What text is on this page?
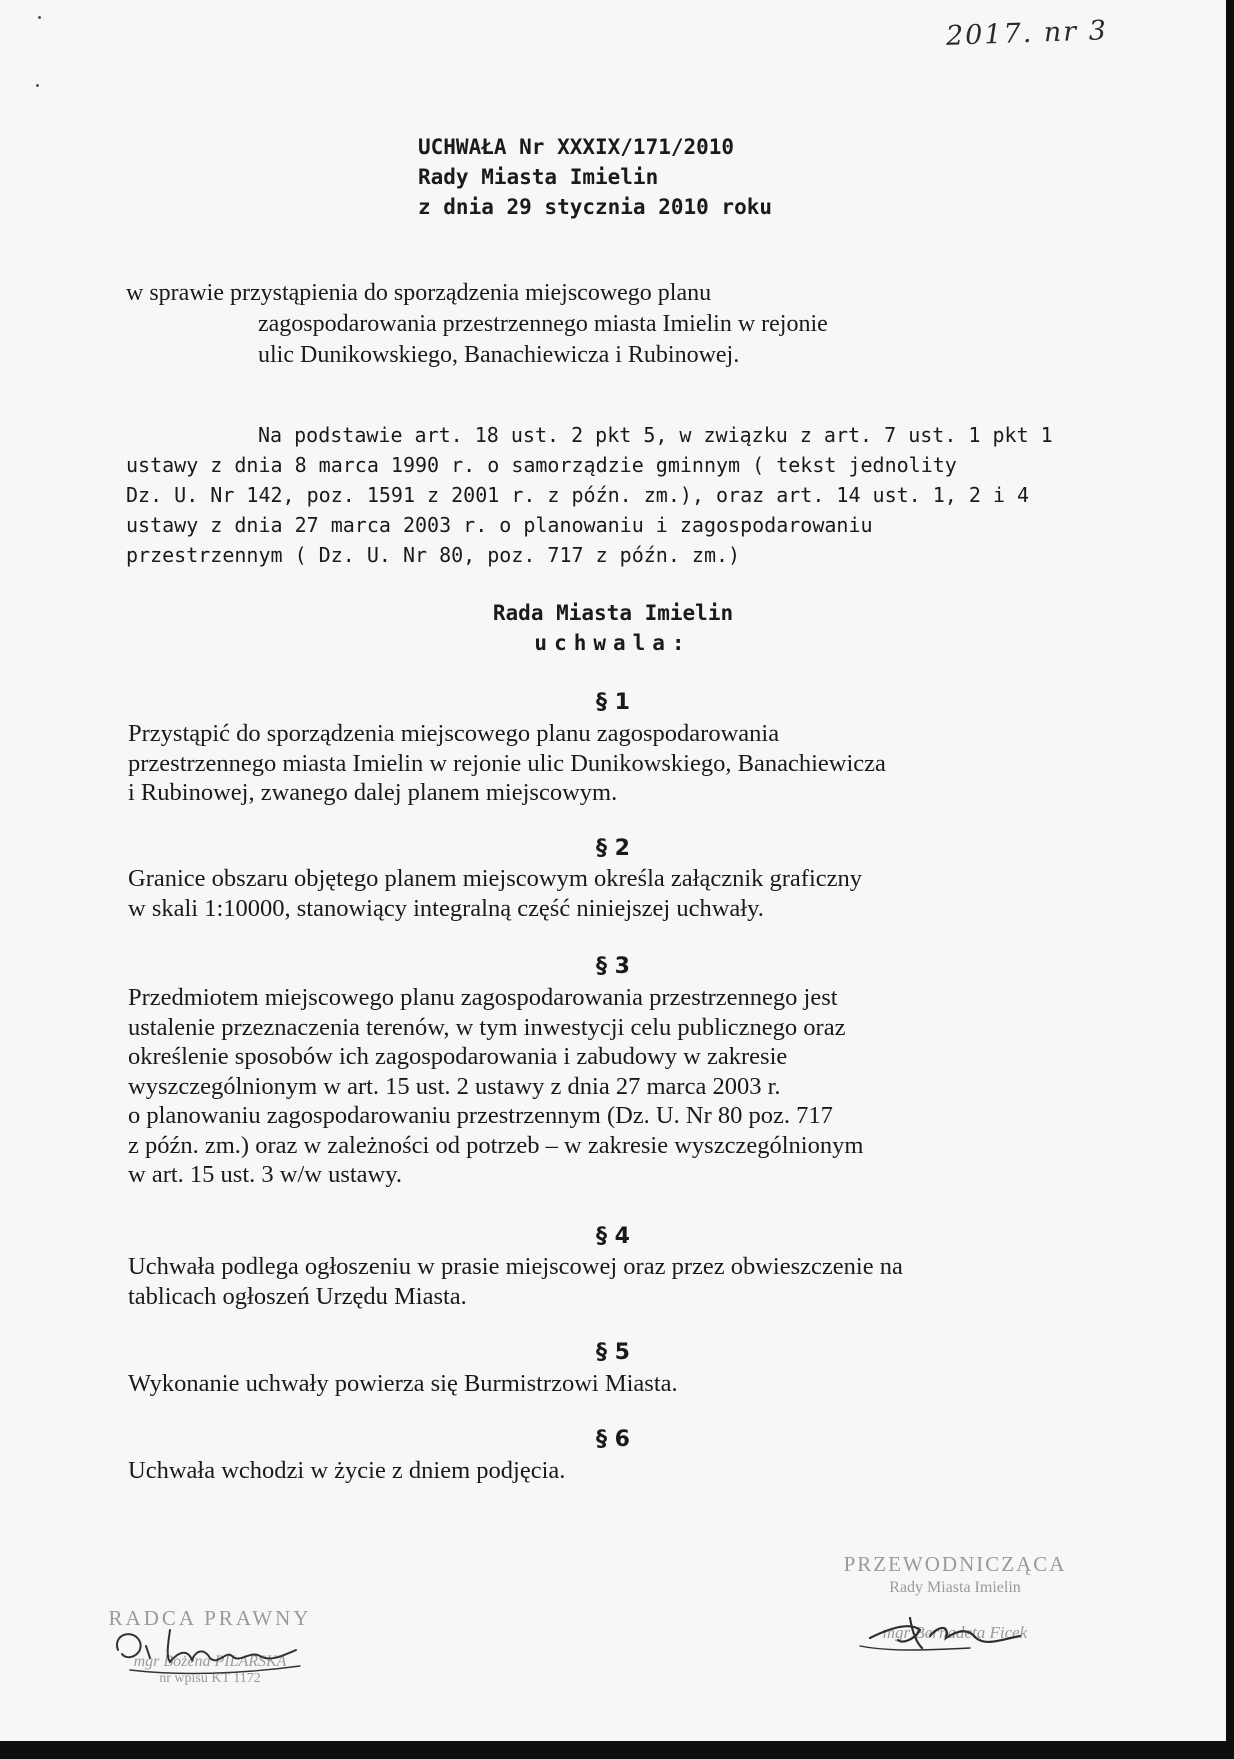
2017. nr 3
UCHWAŁA Nr XXXIX/171/2010
Rady Miasta Imielin
z dnia 29 stycznia 2010 roku
w sprawie przystąpienia do sporządzenia miejscowego planu
zagospodarowania przestrzennego miasta Imielin w rejonie
ulic Dunikowskiego, Banachiewicza i Rubinowej.
Na podstawie art. 18 ust. 2 pkt 5, w związku z art. 7 ust. 1 pkt 1
ustawy z dnia 8 marca 1990 r. o samorządzie gminnym ( tekst jednolity
Dz. U. Nr 142, poz. 1591 z 2001 r. z późn. zm.), oraz art. 14 ust. 1, 2 i 4
ustawy z dnia 27 marca 2003 r. o planowaniu i zagospodarowaniu
przestrzennym ( Dz. U. Nr 80, poz. 717 z późn. zm.)
Rada Miasta Imielin
uchwala:
§ 1
Przystąpić do sporządzenia miejscowego planu zagospodarowania
przestrzennego miasta Imielin w rejonie ulic Dunikowskiego, Banachiewicza
i Rubinowej, zwanego dalej planem miejscowym.
§ 2
Granice obszaru objętego planem miejscowym określa załącznik graficzny
w skali 1:10000, stanowiący integralną część niniejszej uchwały.
§ 3
Przedmiotem miejscowego planu zagospodarowania przestrzennego jest
ustalenie przeznaczenia terenów, w tym inwestycji celu publicznego oraz
określenie sposobów ich zagospodarowania i zabudowy w zakresie
wyszczególnionym w art. 15 ust. 2 ustawy z dnia 27 marca 2003 r.
o planowaniu zagospodarowaniu przestrzennym (Dz. U. Nr 80 poz. 717
z późn. zm.) oraz w zależności od potrzeb – w zakresie wyszczególnionym
w art. 15 ust. 3 w/w ustawy.
§ 4
Uchwała podlega ogłoszeniu w prasie miejscowej oraz przez obwieszczenie na
tablicach ogłoszeń Urzędu Miasta.
§ 5
Wykonanie uchwały powierza się Burmistrzowi Miasta.
§ 6
Uchwała wchodzi w życie z dniem podjęcia.
PRZEWODNICZĄCA
Rady Miasta Imielin
mgr Bernadeta Ficek
RADCA PRAWNY
mgr Bożena PILARSKA
nr wpisu KT 1172
